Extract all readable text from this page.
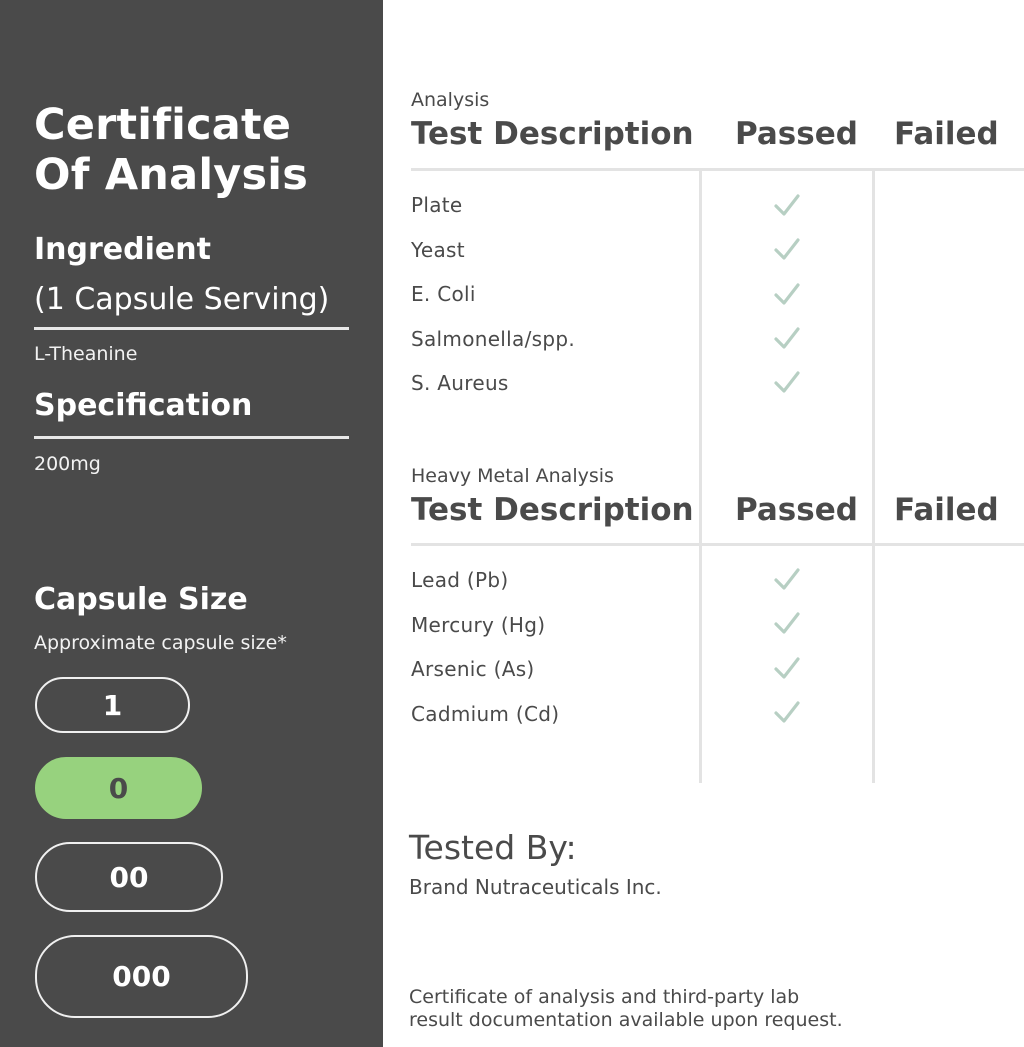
Certificate
Of Analysis
Ingredient
(1 Capsule Serving)
L-Theanine
Specification
200mg
Capsule Size
Approximate capsule size*
1
0
00
000
Analysis
Test Description Passed Failed
Plate
Yeast
E. Coli
Salmonella/spp.
S. Aureus
Heavy Metal Analysis
Test Description Passed Failed
Lead (Pb)
Mercury (Hg)
Arsenic (As)
Cadmium (Cd)
Tested By:
Brand Nutraceuticals Inc.
Certificate of analysis and third-party lab
result documentation available upon request.
